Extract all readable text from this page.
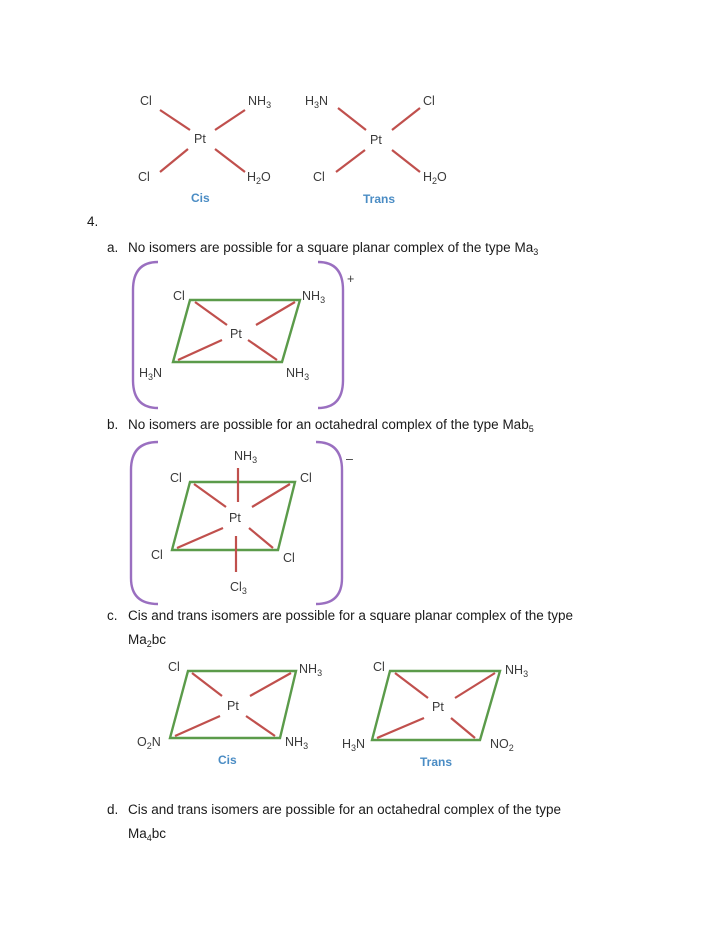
Cl	$NH_3$
Pt
Cl	$H_2O$
Cis
$H_3N$	Cl
Pt
Cl	$H_2O$
Trans
4.
a. No isomers are possible for a square planar complex of the type $Ma_3$
+
Cl	$NH_3$
Pt
$H_3N$	$NH_3$
b. No isomers are possible for an octahedral complex of the type Mab$_5$
–
$NH_3$
Cl	Cl
Pt
Cl	Cl
$Cl_3$
c. Cis and trans isomers are possible for a square planar complex of the type
$Ma_2bc$
Cl	$NH_3$
Pt
$O_2N$	$NH_3$
Cis
Cl	$NH_3$
Pt
$H_3N$	$NO_2$
Trans
d. Cis and trans isomers are possible for an octahedral complex of the type
$Ma_4bc$
